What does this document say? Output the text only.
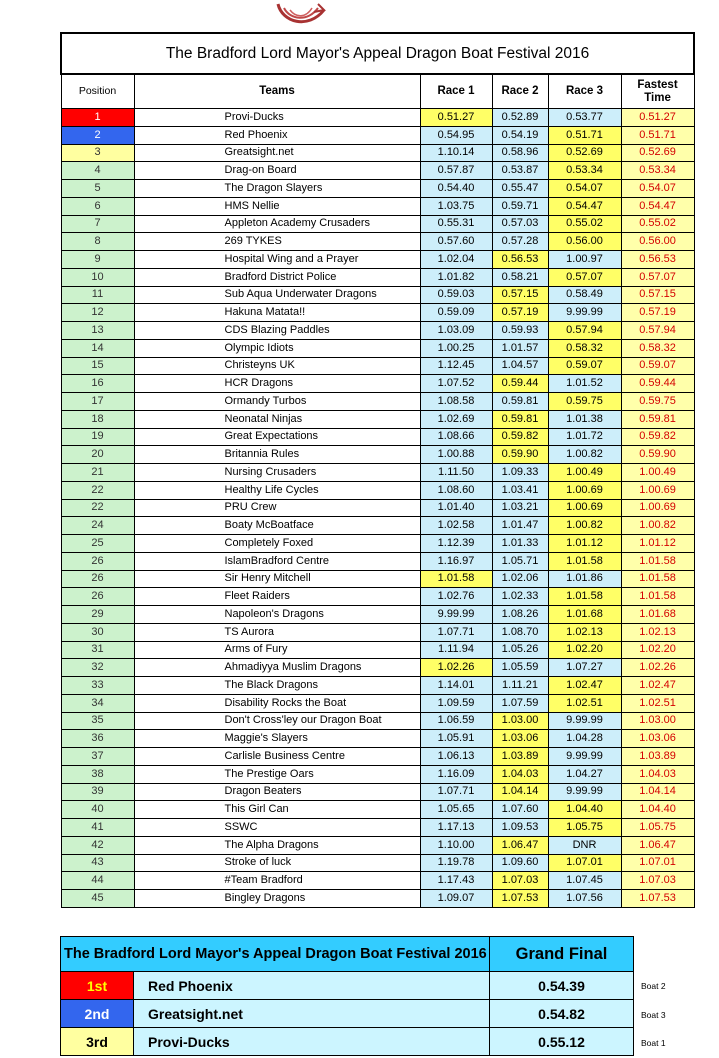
The Bradford Lord Mayor's Appeal Dragon Boat Festival 2016					
Position	Teams	Race 1	Race 2	Race 3	Fastest
Time
1	Provi-Ducks	0.51.27	0.52.89	0.53.77	0.51.27
2	Red Phoenix	0.54.95	0.54.19	0.51.71	0.51.71
3	Greatsight.net	1.10.14	0.58.96	0.52.69	0.52.69
4	Drag-on Board	0.57.87	0.53.87	0.53.34	0.53.34
5	The Dragon Slayers	0.54.40	0.55.47	0.54.07	0.54.07
6	HMS Nellie	1.03.75	0.59.71	0.54.47	0.54.47
7	Appleton Academy Crusaders	0.55.31	0.57.03	0.55.02	0.55.02
8	269 TYKES	0.57.60	0.57.28	0.56.00	0.56.00
9	Hospital Wing and a Prayer	1.02.04	0.56.53	1.00.97	0.56.53
10	Bradford District Police	1.01.82	0.58.21	0.57.07	0.57.07
11	Sub Aqua Underwater Dragons	0.59.03	0.57.15	0.58.49	0.57.15
12	Hakuna Matata!!	0.59.09	0.57.19	9.99.99	0.57.19
13	CDS Blazing Paddles	1.03.09	0.59.93	0.57.94	0.57.94
14	Olympic Idiots	1.00.25	1.01.57	0.58.32	0.58.32
15	Christeyns UK	1.12.45	1.04.57	0.59.07	0.59.07
16	HCR Dragons	1.07.52	0.59.44	1.01.52	0.59.44
17	Ormandy Turbos	1.08.58	0.59.81	0.59.75	0.59.75
18	Neonatal Ninjas	1.02.69	0.59.81	1.01.38	0.59.81
19	Great Expectations	1.08.66	0.59.82	1.01.72	0.59.82
20	Britannia Rules	1.00.88	0.59.90	1.00.82	0.59.90
21	Nursing Crusaders	1.11.50	1.09.33	1.00.49	1.00.49
22	Healthy Life Cycles	1.08.60	1.03.41	1.00.69	1.00.69
22	PRU Crew	1.01.40	1.03.21	1.00.69	1.00.69
24	Boaty McBoatface	1.02.58	1.01.47	1.00.82	1.00.82
25	Completely Foxed	1.12.39	1.01.33	1.01.12	1.01.12
26	IslamBradford Centre	1.16.97	1.05.71	1.01.58	1.01.58
26	Sir Henry Mitchell	1.01.58	1.02.06	1.01.86	1.01.58
26	Fleet Raiders	1.02.76	1.02.33	1.01.58	1.01.58
29	Napoleon's Dragons	9.99.99	1.08.26	1.01.68	1.01.68
30	TS Aurora	1.07.71	1.08.70	1.02.13	1.02.13
31	Arms of Fury	1.11.94	1.05.26	1.02.20	1.02.20
32	Ahmadiyya Muslim Dragons	1.02.26	1.05.59	1.07.27	1.02.26
33	The Black Dragons	1.14.01	1.11.21	1.02.47	1.02.47
34	Disability Rocks the Boat	1.09.59	1.07.59	1.02.51	1.02.51
35	Don't Cross'ley our Dragon Boat	1.06.59	1.03.00	9.99.99	1.03.00
36	Maggie's Slayers	1.05.91	1.03.06	1.04.28	1.03.06
37	Carlisle Business Centre	1.06.13	1.03.89	9.99.99	1.03.89
38	The Prestige Oars	1.16.09	1.04.03	1.04.27	1.04.03
39	Dragon Beaters	1.07.71	1.04.14	9.99.99	1.04.14
40	This Girl Can	1.05.65	1.07.60	1.04.40	1.04.40
41	SSWC	1.17.13	1.09.53	1.05.75	1.05.75
42	The Alpha Dragons	1.10.00	1.06.47	DNR	1.06.47
43	Stroke of luck	1.19.78	1.09.60	1.07.01	1.07.01
44	#Team Bradford	1.17.43	1.07.03	1.07.45	1.07.03
45	Bingley Dragons	1.09.07	1.07.53	1.07.56	1.07.53
The Bradford Lord Mayor's Appeal Dragon Boat Festival 2016		Grand Final
1st	Red Phoenix	0.54.39
2nd	Greatsight.net	0.54.82
3rd	Provi-Ducks	0.55.12
Boat 2
Boat 3
Boat 1
